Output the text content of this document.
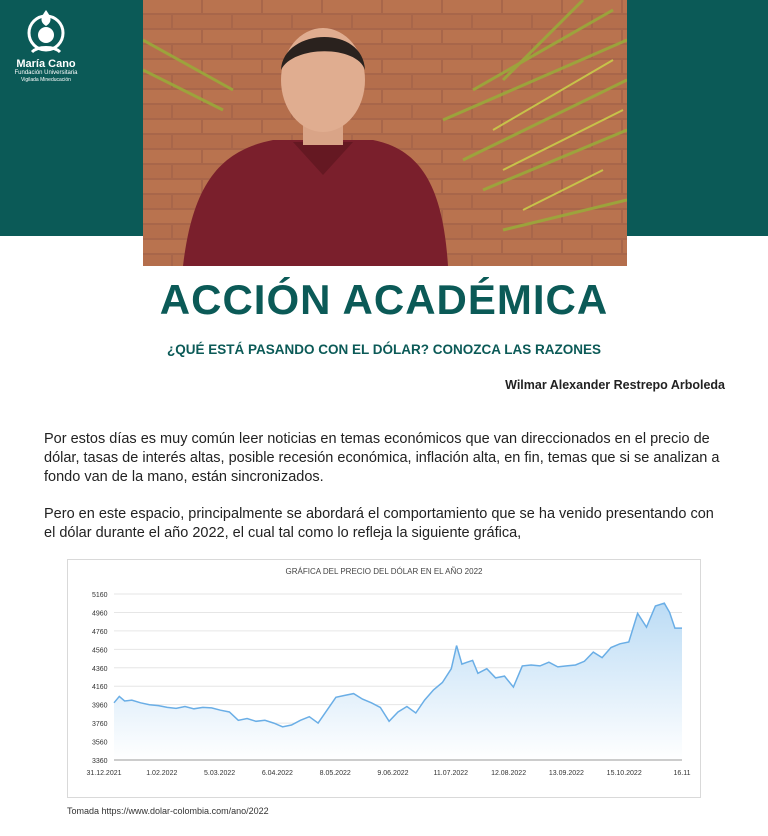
María Cano
Fundación Universitaria
Vigilada Mineducación
ACCIÓN ACADÉMICA
¿QUÉ ESTÁ PASANDO CON EL DÓLAR? CONOZCA LAS RAZONES
Wilmar Alexander Restrepo Arboleda
Por estos días es muy común leer noticias en temas económicos que van direccionados en el precio de dólar, tasas de interés altas, posible recesión económica, inflación alta, en fin, temas que si se analizan a fondo van de la mano, están sincronizados.
Pero en este espacio, principalmente se abordará el comportamiento que se ha venido presentando con el dólar durante el año 2022, el cual tal como lo refleja la siguiente gráfica,
GRÁFICA DEL PRECIO DEL DÓLAR EN EL AÑO 2022
5160
4960
4760
4560
4360
4160
3960
3760
3560
3360
31.12.2021	1.02.2022	5.03.2022	6.04.2022	8.05.2022	9.06.2022	11.07.2022	12.08.2022	13.09.2022	15.10.2022	16.11
Tomada https://www.dolar-colombia.com/ano/2022
